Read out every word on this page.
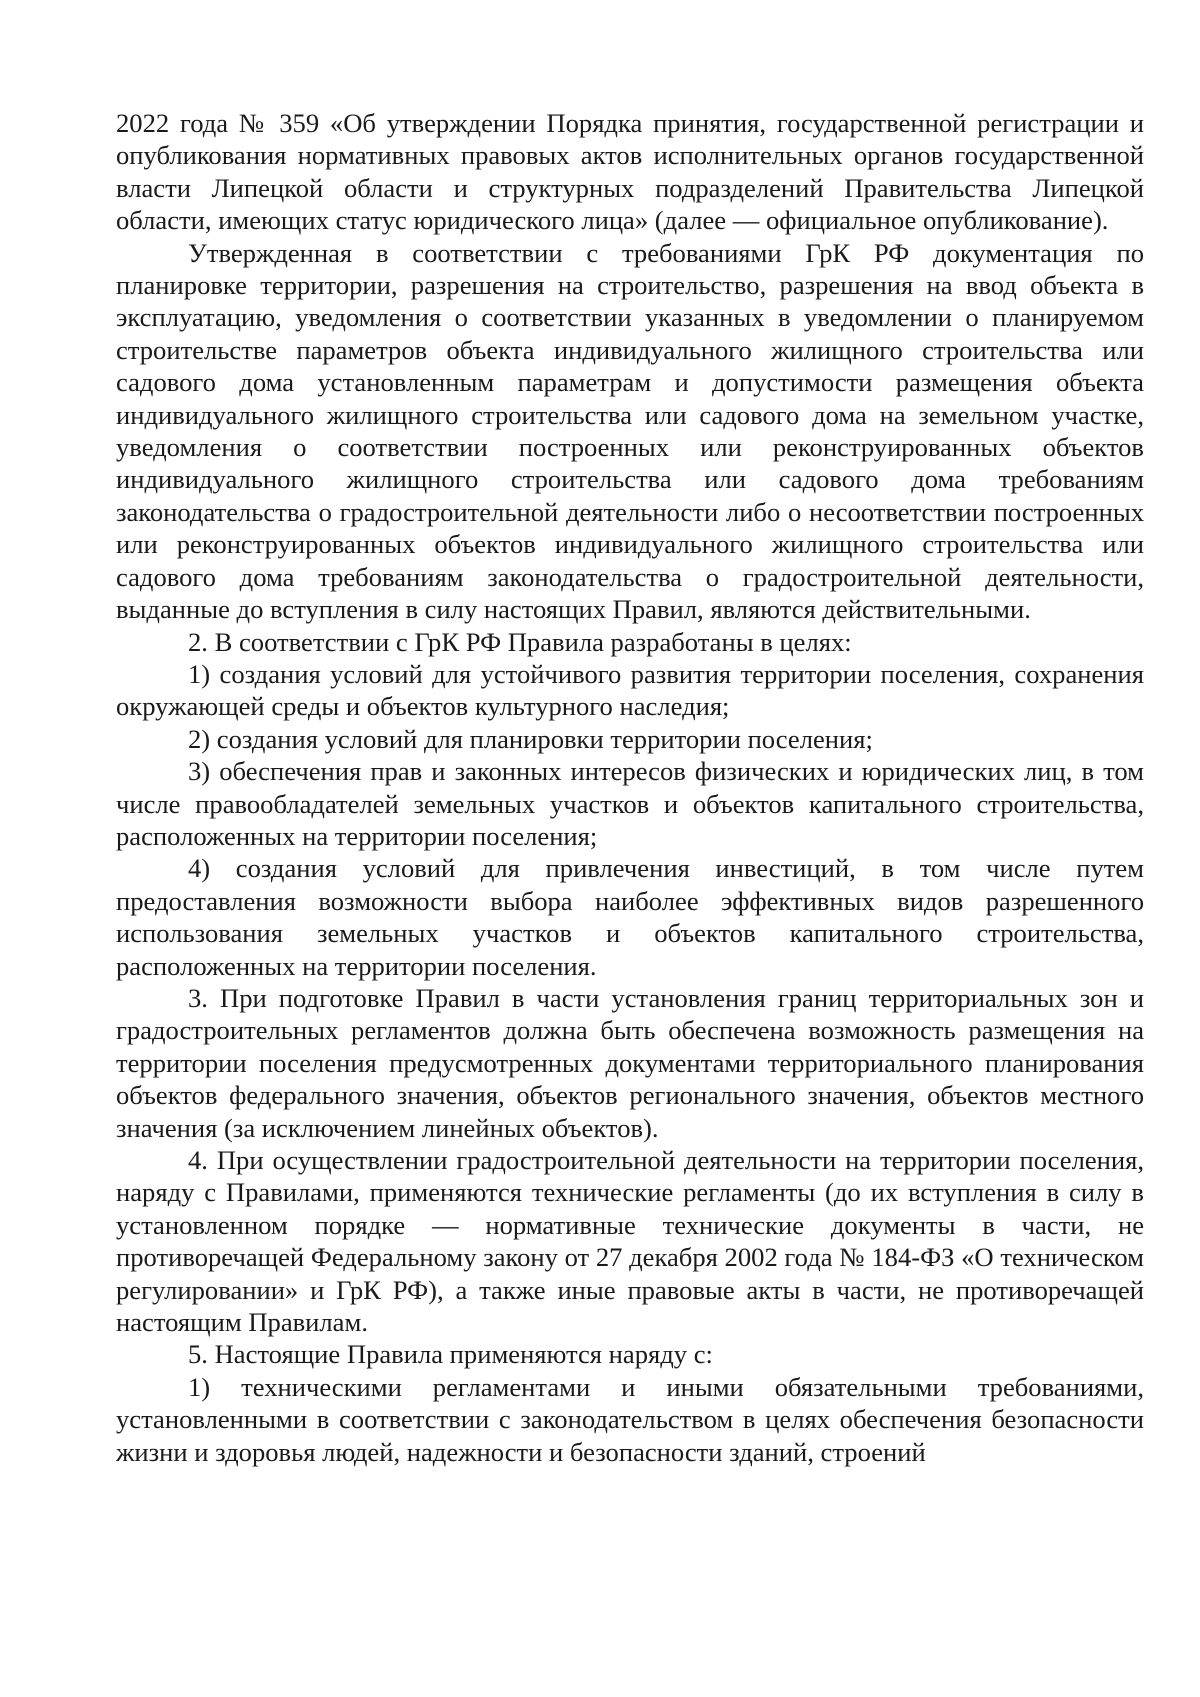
2022 года № 359 «Об утверждении Порядка принятия, государственной регистрации и опубликования нормативных правовых актов исполнительных органов государственной власти Липецкой области и структурных подразделений Правительства Липецкой области, имеющих статус юридического лица» (далее — официальное опубликование).

Утвержденная в соответствии с требованиями ГрК РФ документация по планировке территории, разрешения на строительство, разрешения на ввод объекта в эксплуатацию, уведомления о соответствии указанных в уведомлении о планируемом строительстве параметров объекта индивидуального жилищного строительства или садового дома установленным параметрам и допустимости размещения объекта индивидуального жилищного строительства или садового дома на земельном участке, уведомления о соответствии построенных или реконструированных объектов индивидуального жилищного строительства или садового дома требованиям законодательства о градостроительной деятельности либо о несоответствии построенных или реконструированных объектов индивидуального жилищного строительства или садового дома требованиям законодательства о градостроительной деятельности, выданные до вступления в силу настоящих Правил, являются действительными.

2. В соответствии с ГрК РФ Правила разработаны в целях:

1) создания условий для устойчивого развития территории поселения, сохранения окружающей среды и объектов культурного наследия;

2) создания условий для планировки территории поселения;

3) обеспечения прав и законных интересов физических и юридических лиц, в том числе правообладателей земельных участков и объектов капитального строительства, расположенных на территории поселения;

4) создания условий для привлечения инвестиций, в том числе путем предоставления возможности выбора наиболее эффективных видов разрешенного использования земельных участков и объектов капитального строительства, расположенных на территории поселения.

3. При подготовке Правил в части установления границ территориальных зон и градостроительных регламентов должна быть обеспечена возможность размещения на территории поселения предусмотренных документами территориального планирования объектов федерального значения, объектов регионального значения, объектов местного значения (за исключением линейных объектов).

4. При осуществлении градостроительной деятельности на территории поселения, наряду с Правилами, применяются технические регламенты (до их вступления в силу в установленном порядке — нормативные технические документы в части, не противоречащей Федеральному закону от 27 декабря 2002 года № 184-ФЗ «О техническом регулировании» и ГрК РФ), а также иные правовые акты в части, не противоречащей настоящим Правилам.

5. Настоящие Правила применяются наряду с:

1) техническими регламентами и иными обязательными требованиями, установленными в соответствии с законодательством в целях обеспечения безопасности жизни и здоровья людей, надежности и безопасности зданий, строений
